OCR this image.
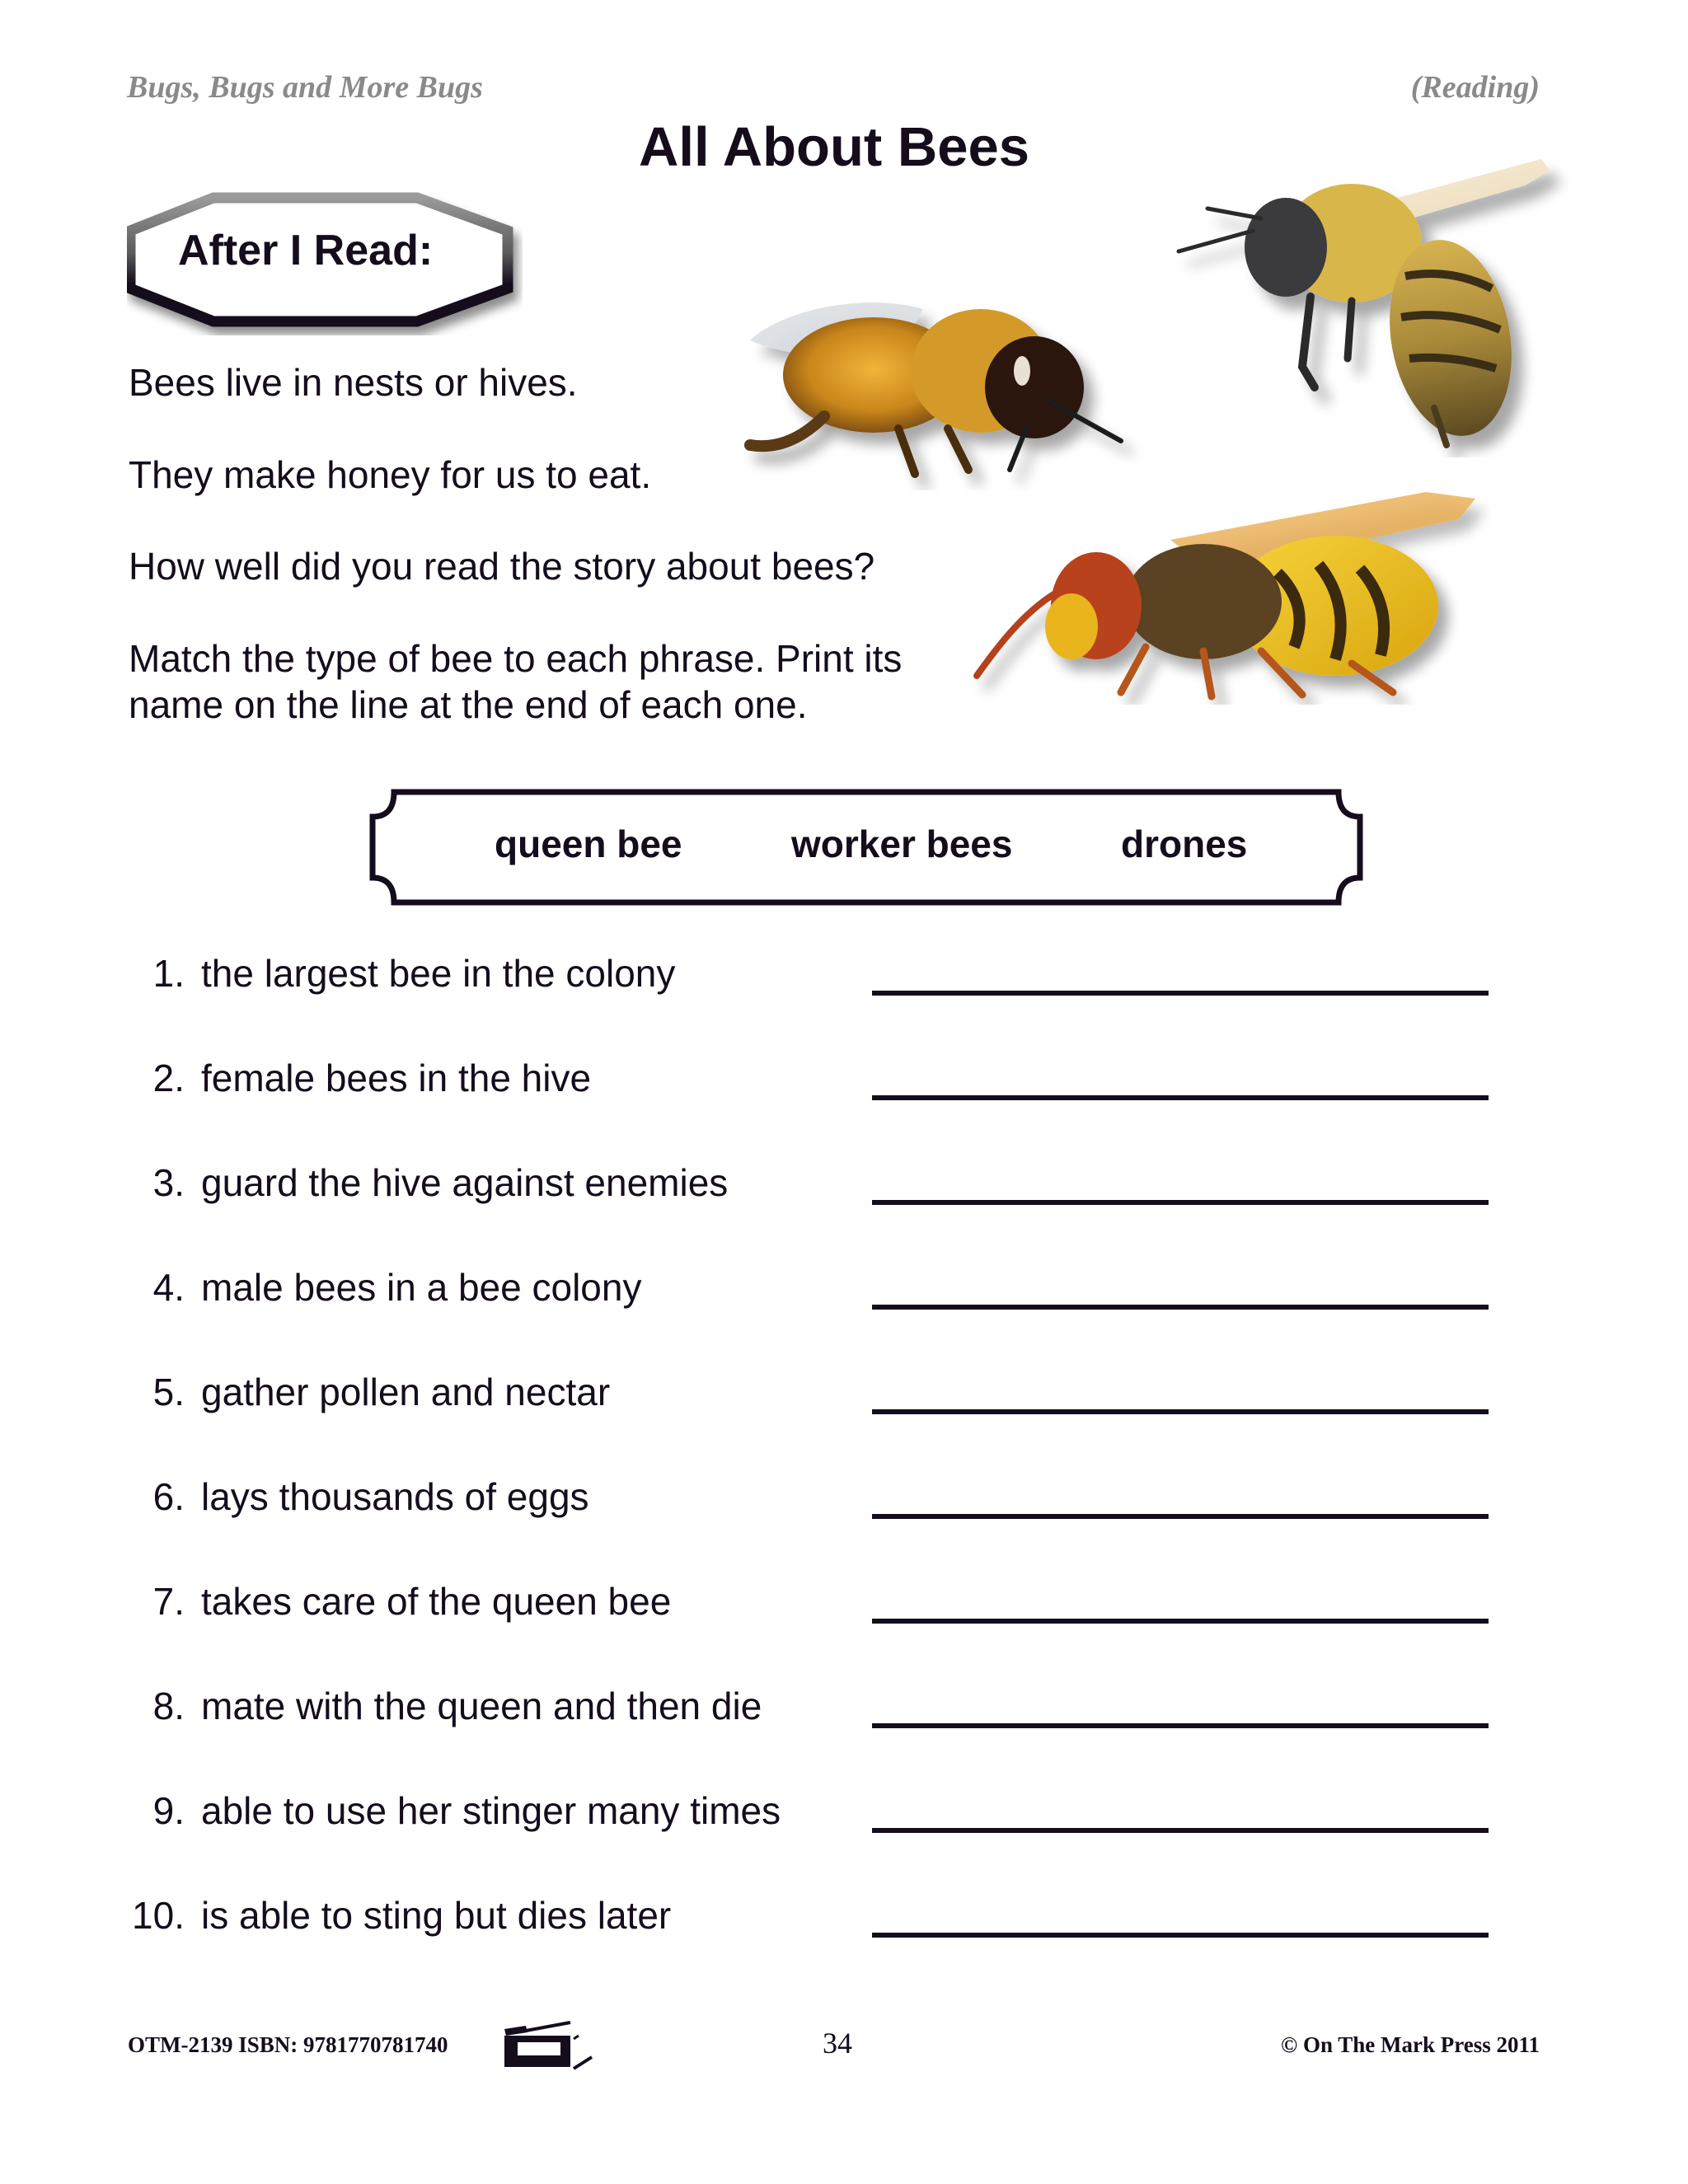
Bugs, Bugs and More Bugs	(Reading)
All About Bees
After I Read:
Bees live in nests or hives.
They make honey for us to eat.
How well did you read the story about bees?
Match the type of bee to each phrase. Print its
name on the line at the end of each one.
queen bee	worker bees	drones
1. the largest bee in the colony
2. female bees in the hive
3. guard the hive against enemies
4. male bees in a bee colony
5. gather pollen and nectar
6. lays thousands of eggs
7. takes care of the queen bee
8. mate with the queen and then die
9. able to use her stinger many times
10. is able to sting but dies later
OTM-2139 ISBN: 9781770781740	34	© On The Mark Press 2011
